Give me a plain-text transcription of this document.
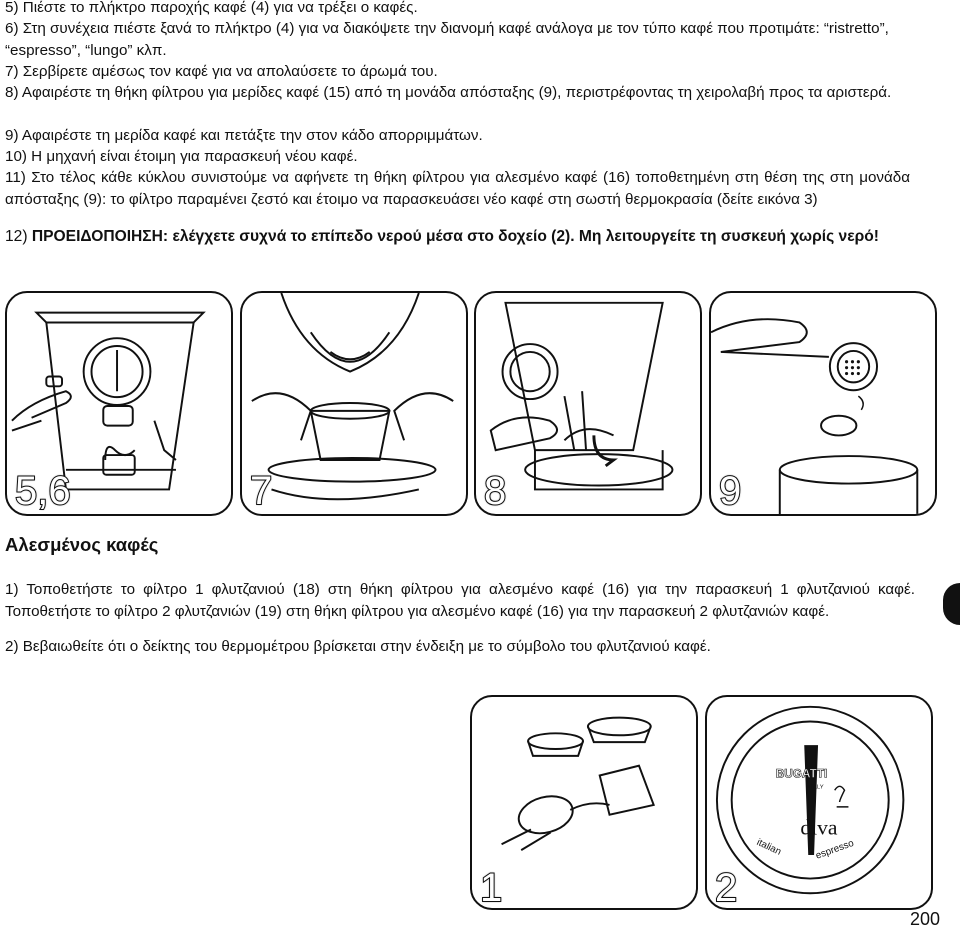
5) Πιέστε το πλήκτρο παροχής καφέ (4) για να τρέξει ο καφές.

6) Στη συνέχεια πιέστε ξανά το πλήκτρο (4) για να διακόψετε την διανομή καφέ ανάλογα με τον τύπο καφέ που προτιμάτε: “ristretto”, “espresso”, “lungo” κλπ.

7) Σερβίρετε αμέσως τον καφέ για να απολαύσετε το άρωμά του.

8) Αφαιρέστε τη θήκη φίλτρου για μερίδες καφέ (15) από τη μονάδα απόσταξης (9), περιστρέφοντας τη χειρολαβή προς τα αριστερά.

9) Αφαιρέστε τη μερίδα καφέ και πετάξτε την στον κάδο απορριμμάτων.

10) Η μηχανή είναι έτοιμη για παρασκευή νέου καφέ.

11) Στο τέλος κάθε κύκλου συνιστούμε να αφήνετε τη θήκη φίλτρου για αλεσμένο καφέ (16) τοποθετημένη στη θέση της στη μονάδα απόσταξης (9): το φίλτρο παραμένει ζεστό και έτοιμο να παρασκευάσει νέο καφέ στη σωστή θερμοκρασία (δείτε εικόνα 3)

12) ΠΡΟΕΙΔΟΠΟΙΗΣΗ: ελέγχετε συχνά το επίπεδο νερού μέσα στο δοχείο (2). Μη λειτουργείτε τη συσκευή χωρίς νερό!

5,6	7	8	9
Αλεσμένος καφές

1) Τοποθετήστε το φίλτρο 1 φλυτζανιού (18) στη θήκη φίλτρου για αλεσμένο καφέ (16) για την παρασκευή 1 φλυτζανιού καφέ. Τοποθετήστε το φίλτρο 2 φλυτζανιών (19) στη θήκη φίλτρου για αλεσμένο καφέ (16) για την παρασκευή 2 φλυτζανιών καφέ.

2) Βεβαιωθείτε ότι ο δείκτης του θερμομέτρου βρίσκεται στην ένδειξη με το σύμβολο του φλυτζανιού καφέ.

1
BUGATTI
ITALY
diva
italian	espresso
2
200
